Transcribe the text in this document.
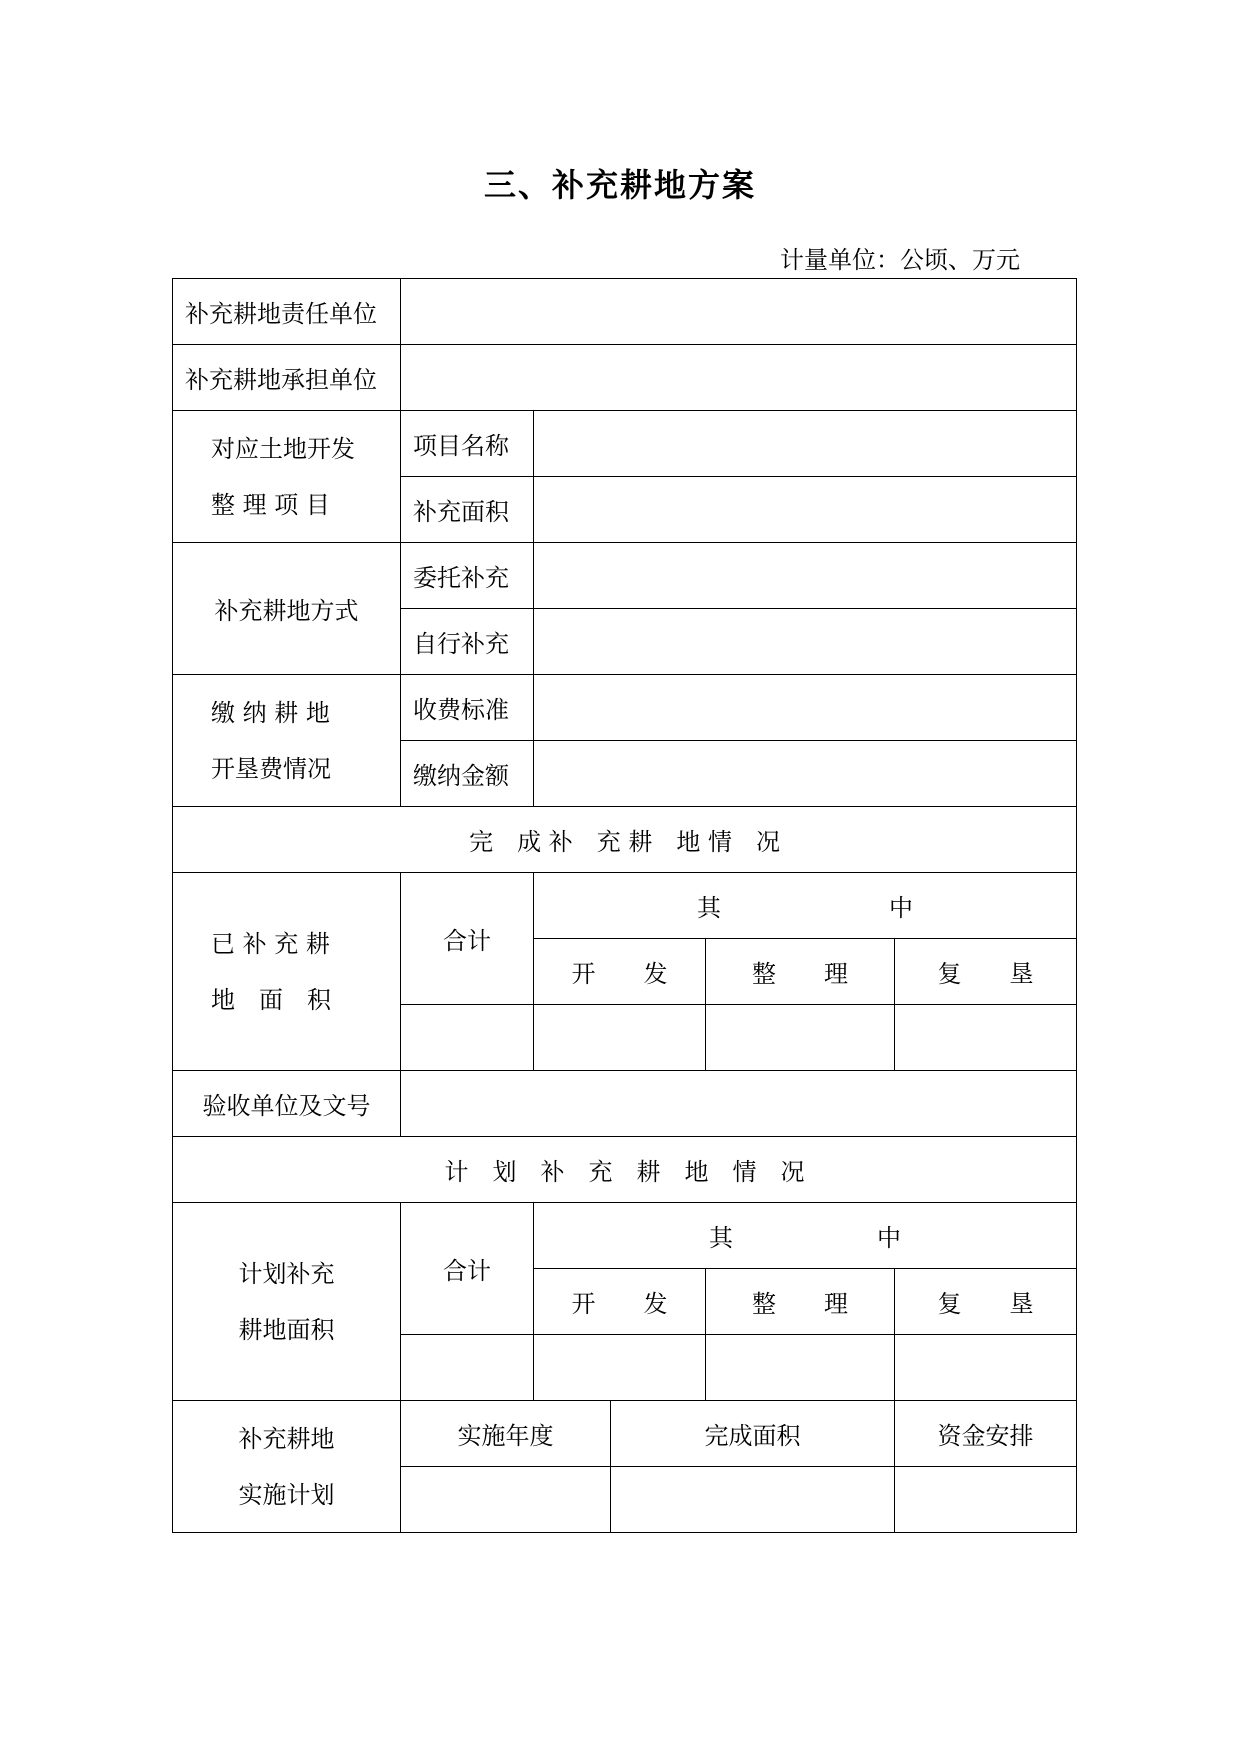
三、补充耕地方案
计量单位：公顷、万元
补充耕地责任单位					
补充耕地承担单位					

对应土地开发
整 理 项 目	项目名称				
	补充面积				
补充耕地方式	委托补充				
	自行补充				

缴 纳 耕 地
开垦费情况	收费标准				
	缴纳金额				
完　成 补　充 耕　地 情　况					

已 补 充 耕
地　面　积	合计	其　　　　　　　中			
		开　　发		整　　理	复　　垦

验收单位及文号					
计　划　补　充　耕　地　情　况					

计划补充
耕地面积	合计	其　　　　　　中			
		开　　发		整　　理	复　　垦

补充耕地
实施计划	实施年度		完成面积		资金安排
